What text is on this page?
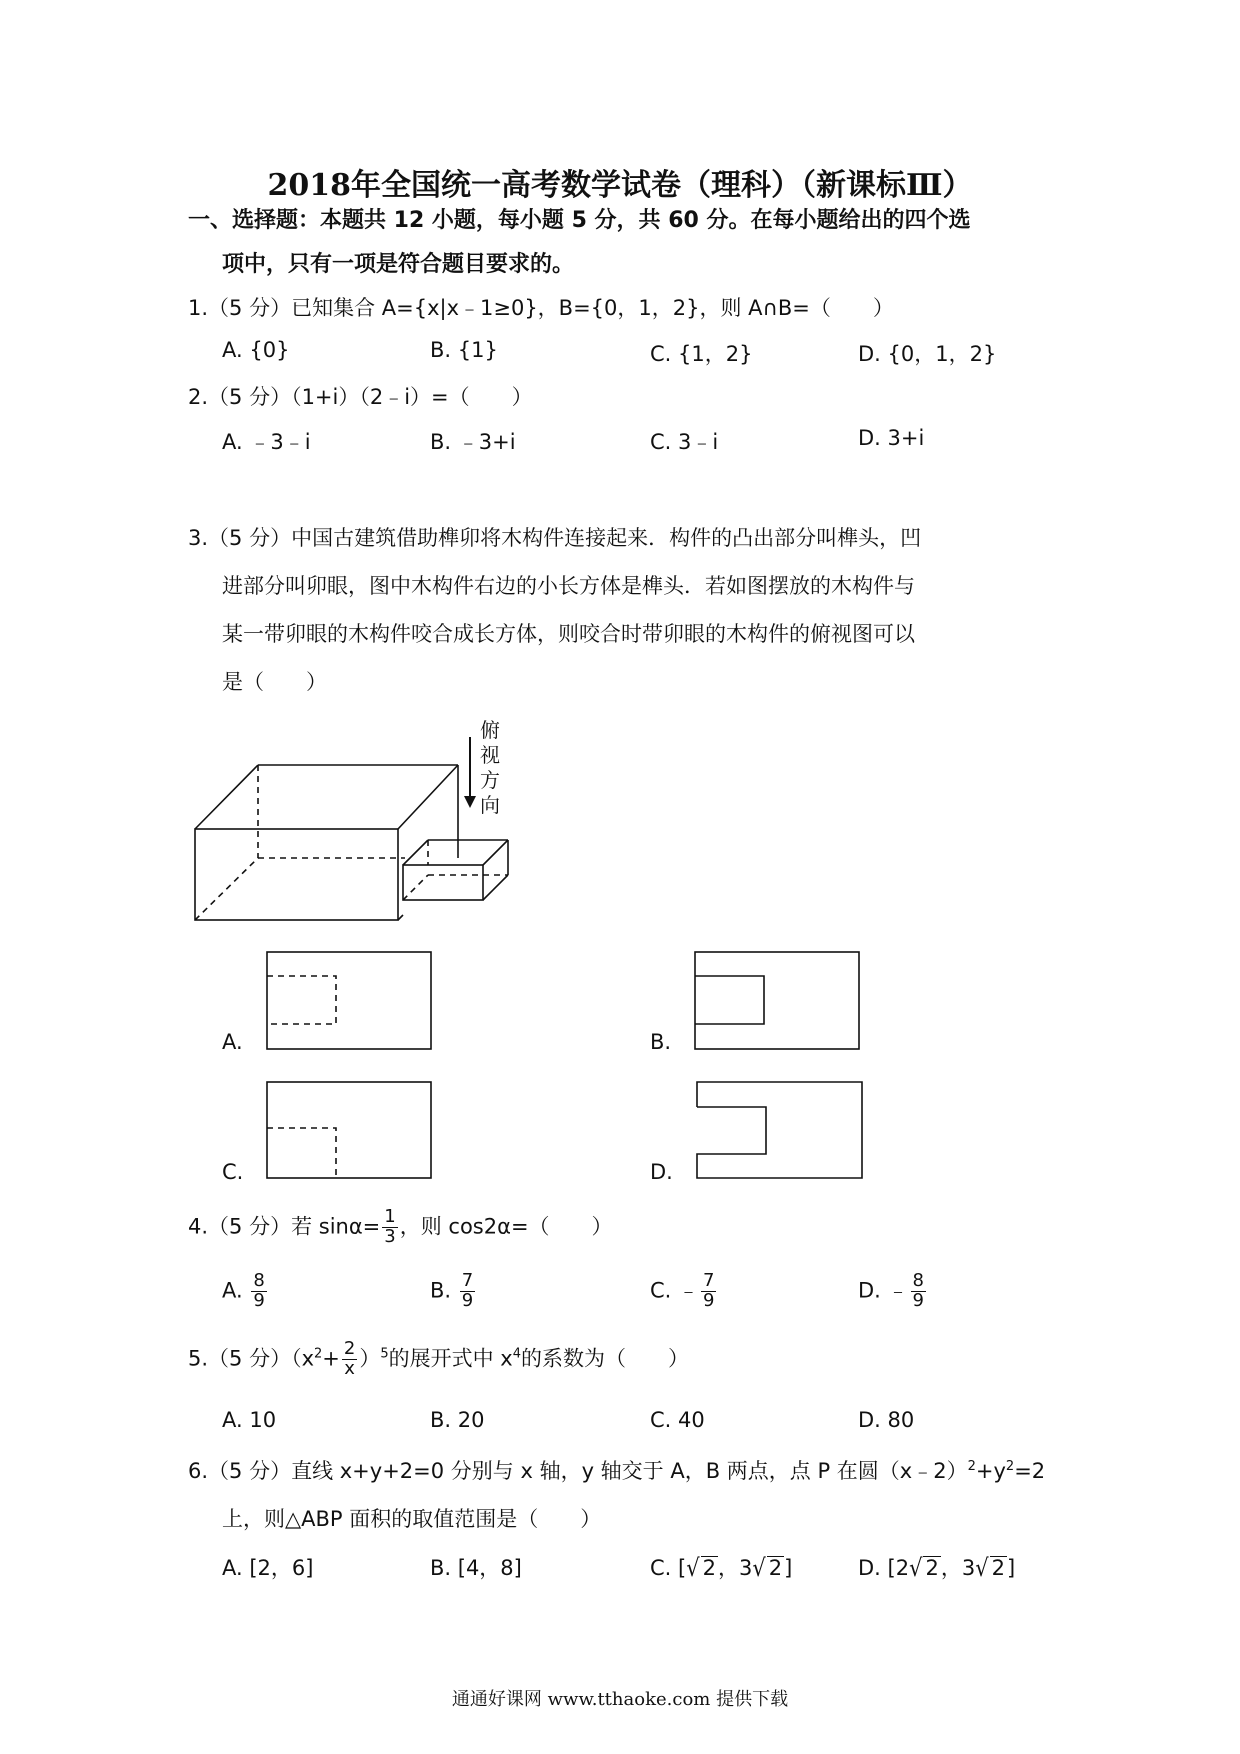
2018年全国统一高考数学试卷（理科）（新课标Ⅲ）
一、选择题：本题共 12 小题，每小题 5 分，共 60 分。在每小题给出的四个选
项中，只有一项是符合题目要求的。
1.（5 分）已知集合 A={x|x﹣1≥0}，B={0，1，2}，则 A∩B=（　　）
A. {0}	B. {1}	C. {1，2}	D. {0，1，2}
2.（5 分）（1+i）（2﹣i）=（　　）
A. ﹣3﹣i	B. ﹣3+i	C. 3﹣i	D. 3+i
3.（5 分）中国古建筑借助榫卯将木构件连接起来．构件的凸出部分叫榫头，凹
进部分叫卯眼，图中木构件右边的小长方体是榫头．若如图摆放的木构件与
某一带卯眼的木构件咬合成长方体，则咬合时带卯眼的木构件的俯视图可以
是（　　）
俯
视
方
向
A.	B.
C.	D.
4.（5 分）若 $\sin\alpha= \frac{1}{3}$ ，则 cos2α=（　　）
A. $\frac{8}{9}$	B. $\frac{7}{9}$	C. ﹣ $\frac{7}{9}$	D. ﹣ $\frac{8}{9}$
5.（5 分）$(x^2+ \frac{2}{x} )^5$的展开式中 $x^4$的系数为（　　）
A. 10	B. 20	C. 40	D. 80
6.（5 分）直线 x+y+2=0 分别与 x 轴，y 轴交于 A，B 两点，点 P 在圆$(x﹣2)^2+y^2=2$
上，则△ABP 面积的取值范围是（　　）
A. [2，6]	B. [4，8]	C. [√ 2，3√ 2]	D. [2√ 2，3√ 2]
通通好课网 www.tthaoke.com 提供下载
